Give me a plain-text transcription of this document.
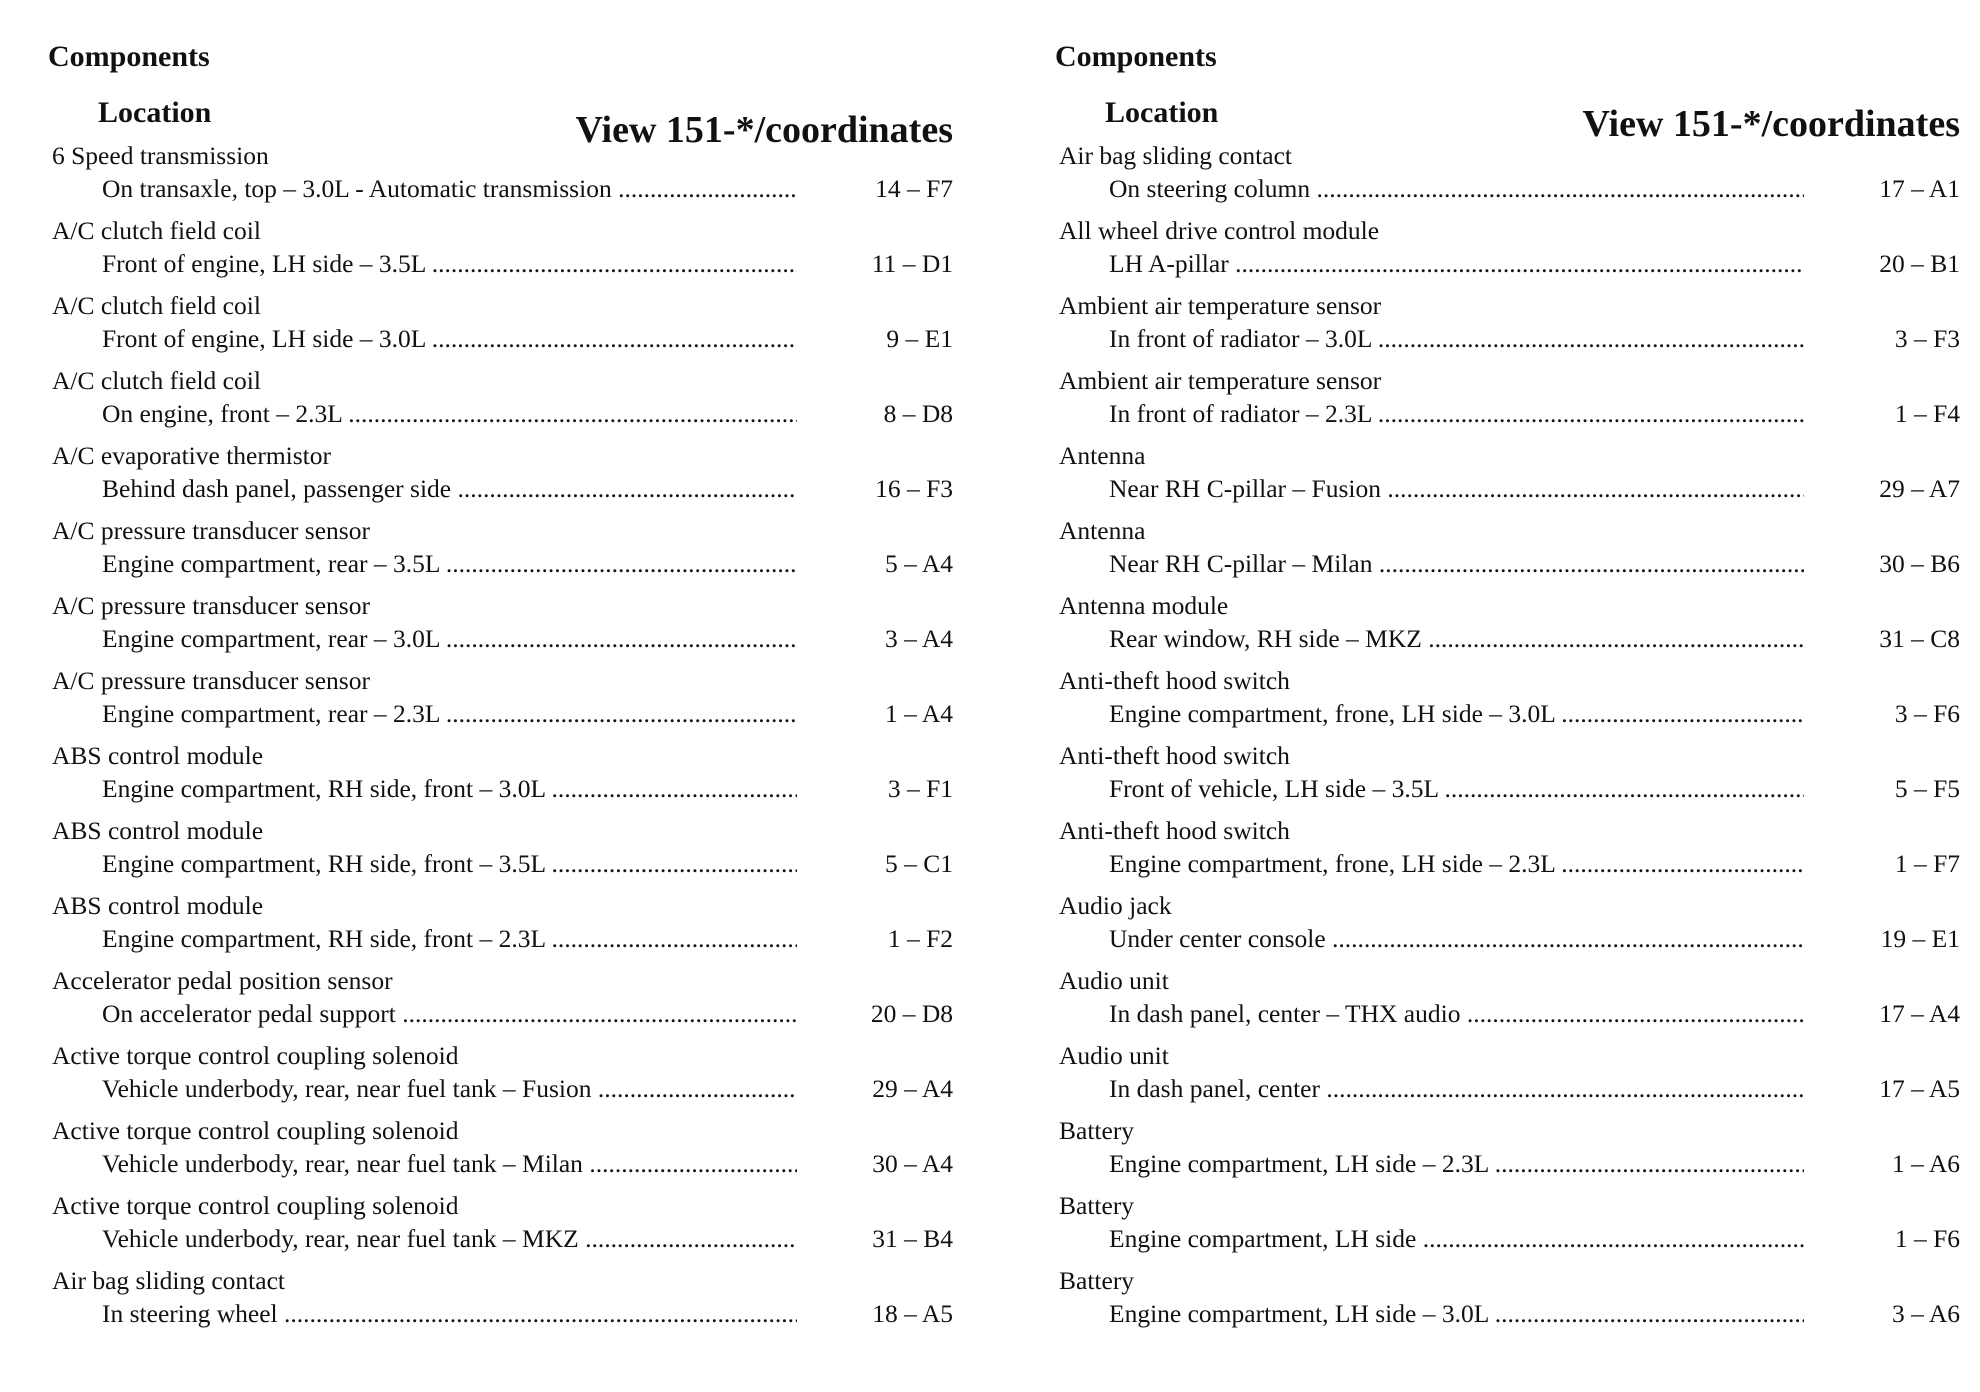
Components
Location	View 151-*/coordinates
6 Speed transmission
On transaxle, top – 3.0L - Automatic transmission .....	14 – F7
A/C clutch field coil
Front of engine, LH side – 3.5L .....	11 – D1
A/C clutch field coil
Front of engine, LH side – 3.0L .....	9 – E1
A/C clutch field coil
On engine, front – 2.3L .....	8 – D8
A/C evaporative thermistor
Behind dash panel, passenger side .....	16 – F3
A/C pressure transducer sensor
Engine compartment, rear – 3.5L .....	5 – A4
A/C pressure transducer sensor
Engine compartment, rear – 3.0L .....	3 – A4
A/C pressure transducer sensor
Engine compartment, rear – 2.3L .....	1 – A4
ABS control module
Engine compartment, RH side, front – 3.0L .....	3 – F1
ABS control module
Engine compartment, RH side, front – 3.5L .....	5 – C1
ABS control module
Engine compartment, RH side, front – 2.3L .....	1 – F2
Accelerator pedal position sensor
On accelerator pedal support .....	20 – D8
Active torque control coupling solenoid
Vehicle underbody, rear, near fuel tank – Fusion .....	29 – A4
Active torque control coupling solenoid
Vehicle underbody, rear, near fuel tank – Milan .....	30 – A4
Active torque control coupling solenoid
Vehicle underbody, rear, near fuel tank – MKZ .....	31 – B4
Air bag sliding contact
In steering wheel .....	18 – A5
Components
Location	View 151-*/coordinates
Air bag sliding contact
On steering column .....	17 – A1
All wheel drive control module
LH A-pillar .....	20 – B1
Ambient air temperature sensor
In front of radiator – 3.0L .....	3 – F3
Ambient air temperature sensor
In front of radiator – 2.3L .....	1 – F4
Antenna
Near RH C-pillar – Fusion .....	29 – A7
Antenna
Near RH C-pillar – Milan .....	30 – B6
Antenna module
Rear window, RH side – MKZ .....	31 – C8
Anti-theft hood switch
Engine compartment, frone, LH side – 3.0L .....	3 – F6
Anti-theft hood switch
Front of vehicle, LH side – 3.5L .....	5 – F5
Anti-theft hood switch
Engine compartment, frone, LH side – 2.3L .....	1 – F7
Audio jack
Under center console .....	19 – E1
Audio unit
In dash panel, center – THX audio .....	17 – A4
Audio unit
In dash panel, center .....	17 – A5
Battery
Engine compartment, LH side – 2.3L .....	1 – A6
Battery
Engine compartment, LH side .....	1 – F6
Battery
Engine compartment, LH side – 3.0L .....	3 – A6
